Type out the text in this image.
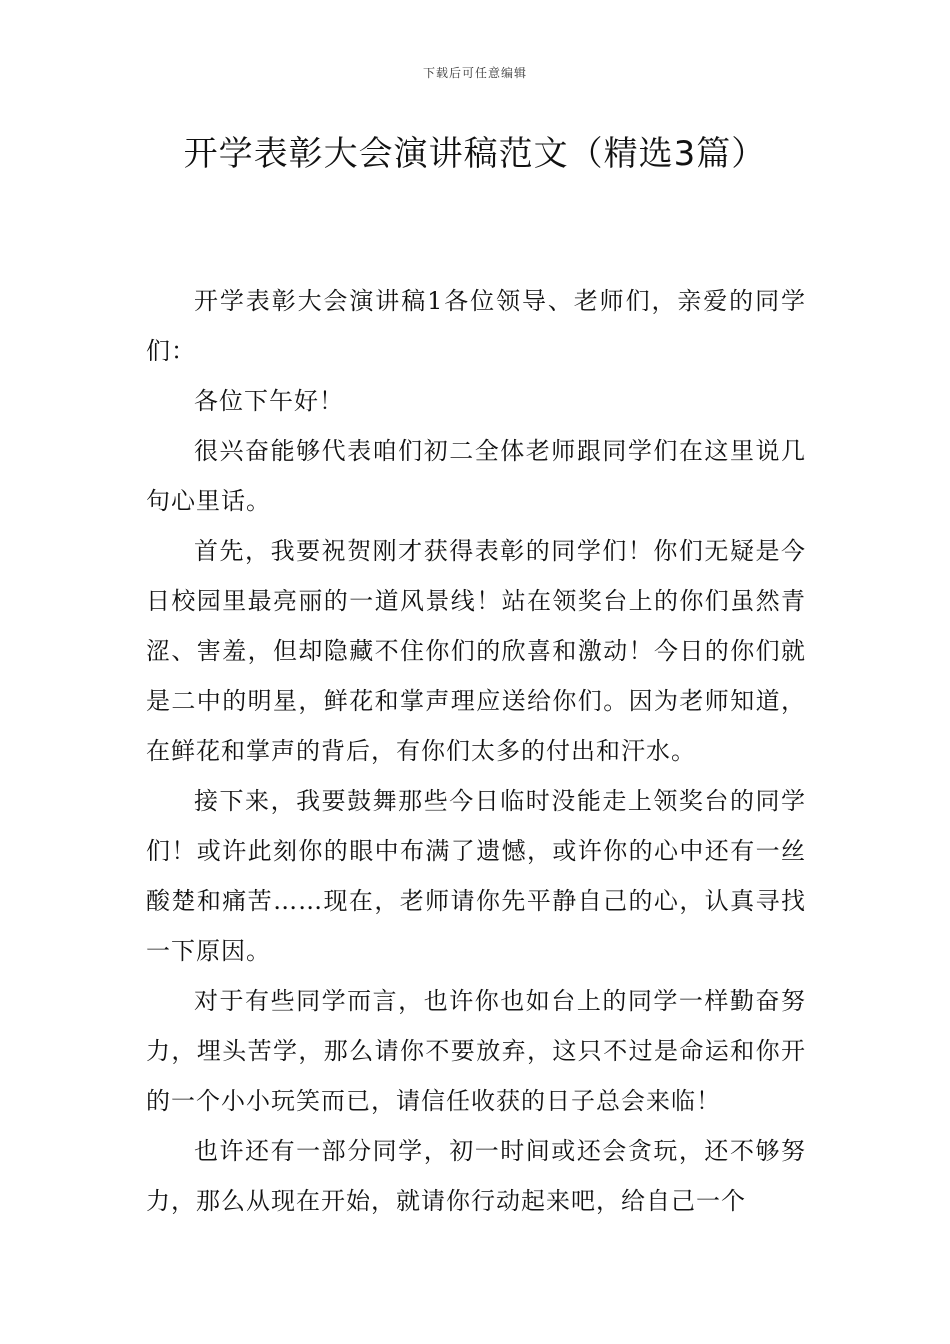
下载后可任意编辑
开学表彰大会演讲稿范文（精选3篇）

开学表彰大会演讲稿1各位领导、老师们，亲爱的同学们：

各位下午好！

很兴奋能够代表咱们初二全体老师跟同学们在这里说几句心里话。

首先，我要祝贺刚才获得表彰的同学们！你们无疑是今日校园里最亮丽的一道风景线！站在领奖台上的你们虽然青涩、害羞，但却隐藏不住你们的欣喜和激动！今日的你们就是二中的明星，鲜花和掌声理应送给你们。因为老师知道，在鲜花和掌声的背后，有你们太多的付出和汗水。

接下来，我要鼓舞那些今日临时没能走上领奖台的同学们！或许此刻你的眼中布满了遗憾，或许你的心中还有一丝酸楚和痛苦……现在，老师请你先平静自己的心，认真寻找一下原因。

对于有些同学而言，也许你也如台上的同学一样勤奋努力，埋头苦学，那么请你不要放弃，这只不过是命运和你开的一个小小玩笑而已，请信任收获的日子总会来临！

也许还有一部分同学，初一时间或还会贪玩，还不够努力，那么从现在开始，就请你行动起来吧，给自己一个
